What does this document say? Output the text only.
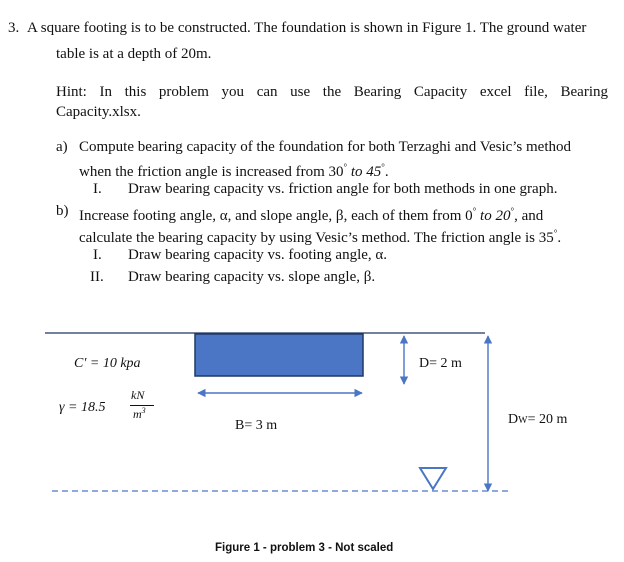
3. A square footing is to be constructed. The foundation is shown in Figure 1. The ground water
table is at a depth of 20m.
Hint: In this problem you can use the Bearing Capacity excel file, Bearing
Capacity.xlsx.
a) Compute bearing capacity of the foundation for both Terzaghi and Vesic’s method
when the friction angle is increased from 30° to 45°.
I. Draw bearing capacity vs. friction angle for both methods in one graph.
b) Increase footing angle, α, and slope angle, β, each of them from 0° to 20°, and
calculate the bearing capacity by using Vesic’s method. The friction angle is 35°.
I. Draw bearing capacity vs. footing angle, α.
II. Draw bearing capacity vs. slope angle, β.
C′ = 10 kpa
γ = 18.5
kN
$m^3$
D= 2 m
B= 3 m	DW= 20 m
Figure 1 - problem 3 - Not scaled
